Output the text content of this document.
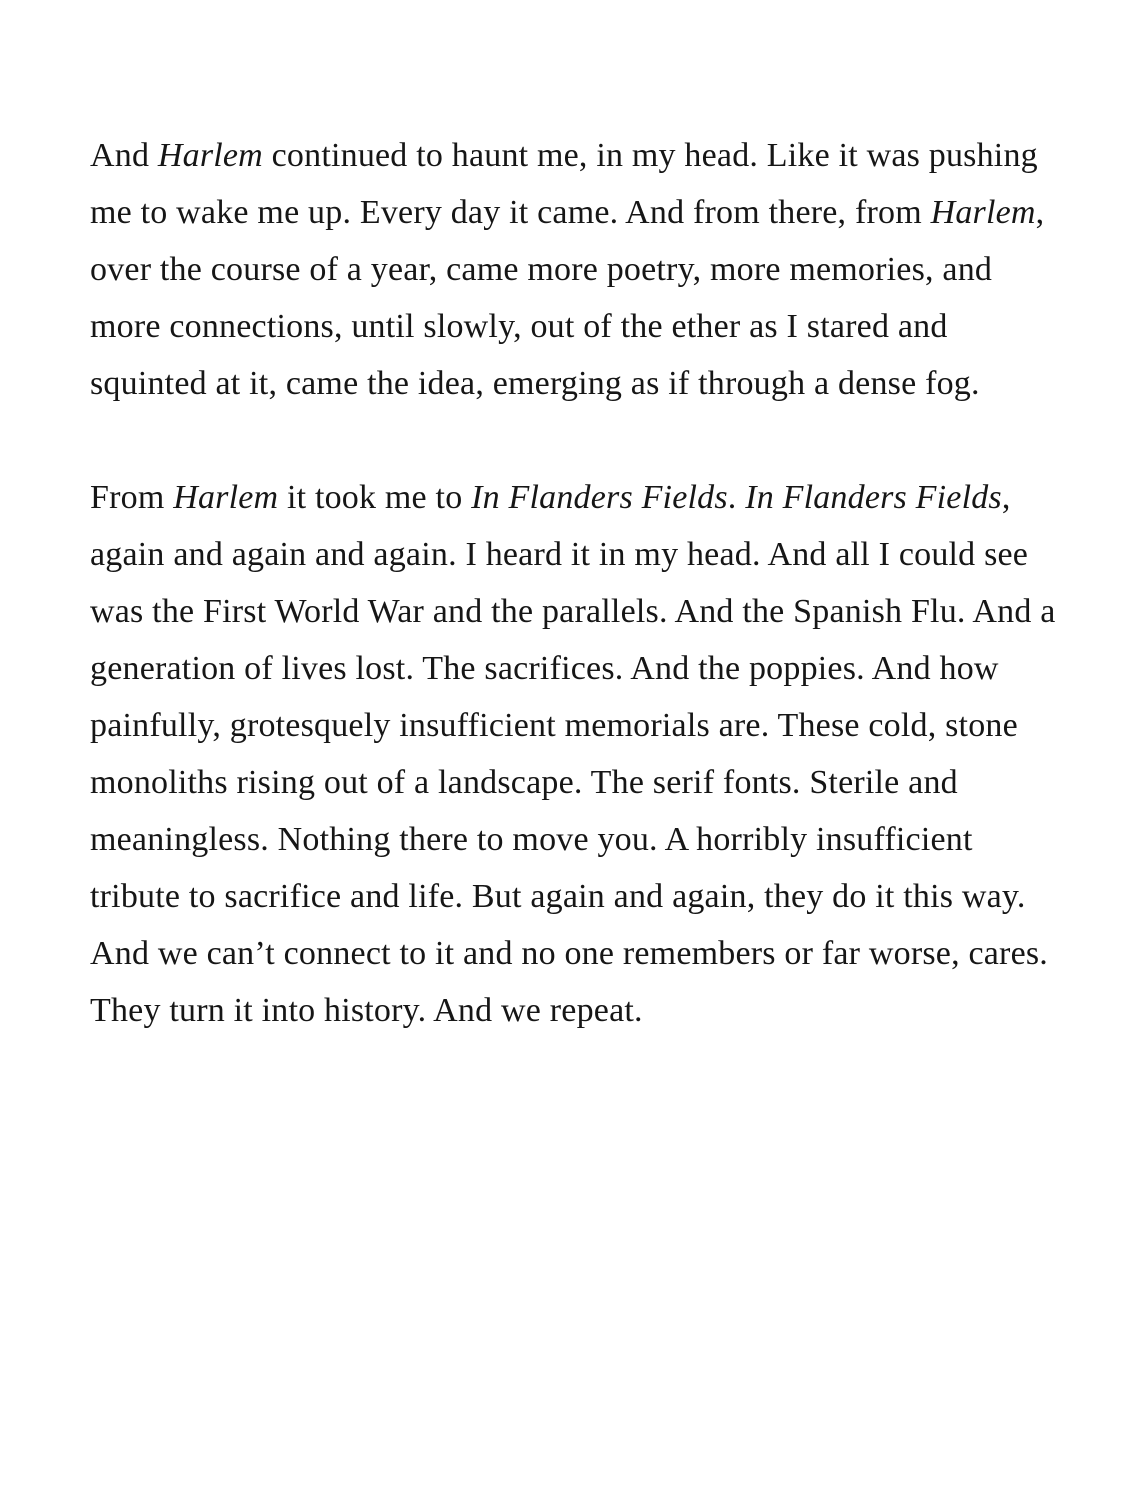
And Harlem continued to haunt me, in my head. Like it was pushing me to wake me up. Every day it came. And from there, from Harlem, over the course of a year, came more poetry, more memories, and more connections, until slowly, out of the ether as I stared and squinted at it, came the idea, emerging as if through a dense fog.

From Harlem it took me to In Flanders Fields. In Flanders Fields, again and again and again. I heard it in my head. And all I could see was the First World War and the parallels. And the Spanish Flu. And a generation of lives lost. The sacrifices. And the poppies. And how painfully, grotesquely insufficient memorials are. These cold, stone monoliths rising out of a landscape. The serif fonts. Sterile and meaningless. Nothing there to move you. A horribly insufficient tribute to sacrifice and life. But again and again, they do it this way. And we can’t connect to it and no one remembers or far worse, cares. They turn it into history. And we repeat.
